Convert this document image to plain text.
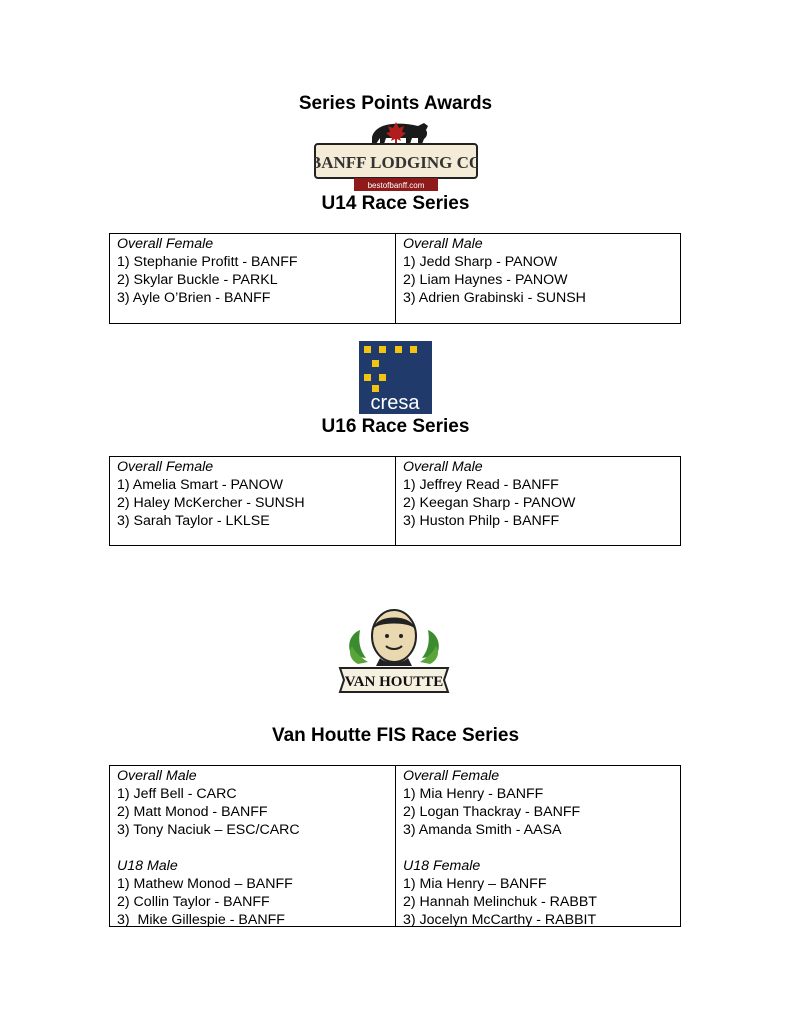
Series Points Awards
BANFF LODGING CO
bestofbanff.com
U14 Race Series
Overall Female
1) Stephanie Profitt - BANFF
2) Skylar Buckle - PARKL
3) Ayle O’Brien - BANFF
Overall Male
1) Jedd Sharp - PANOW
2) Liam Haynes - PANOW
3) Adrien Grabinski - SUNSH
cresa
U16 Race Series
Overall Female
1) Amelia Smart - PANOW
2) Haley McKercher - SUNSH
3) Sarah Taylor - LKLSE
Overall Male
1) Jeffrey Read - BANFF
2) Keegan Sharp - PANOW
3) Huston Philp - BANFF
VAN HOUTTE
Van Houtte FIS Race Series
Overall Male
1) Jeff Bell - CARC
2) Matt Monod - BANFF
3) Tony Naciuk – ESC/CARC
U18 Male
1) Mathew Monod – BANFF
2) Collin Taylor - BANFF
3)  Mike Gillespie - BANFF
Overall Female
1) Mia Henry - BANFF
2) Logan Thackray - BANFF
3) Amanda Smith - AASA
U18 Female
1) Mia Henry – BANFF
2) Hannah Melinchuk - RABBT
3) Jocelyn McCarthy - RABBIT
